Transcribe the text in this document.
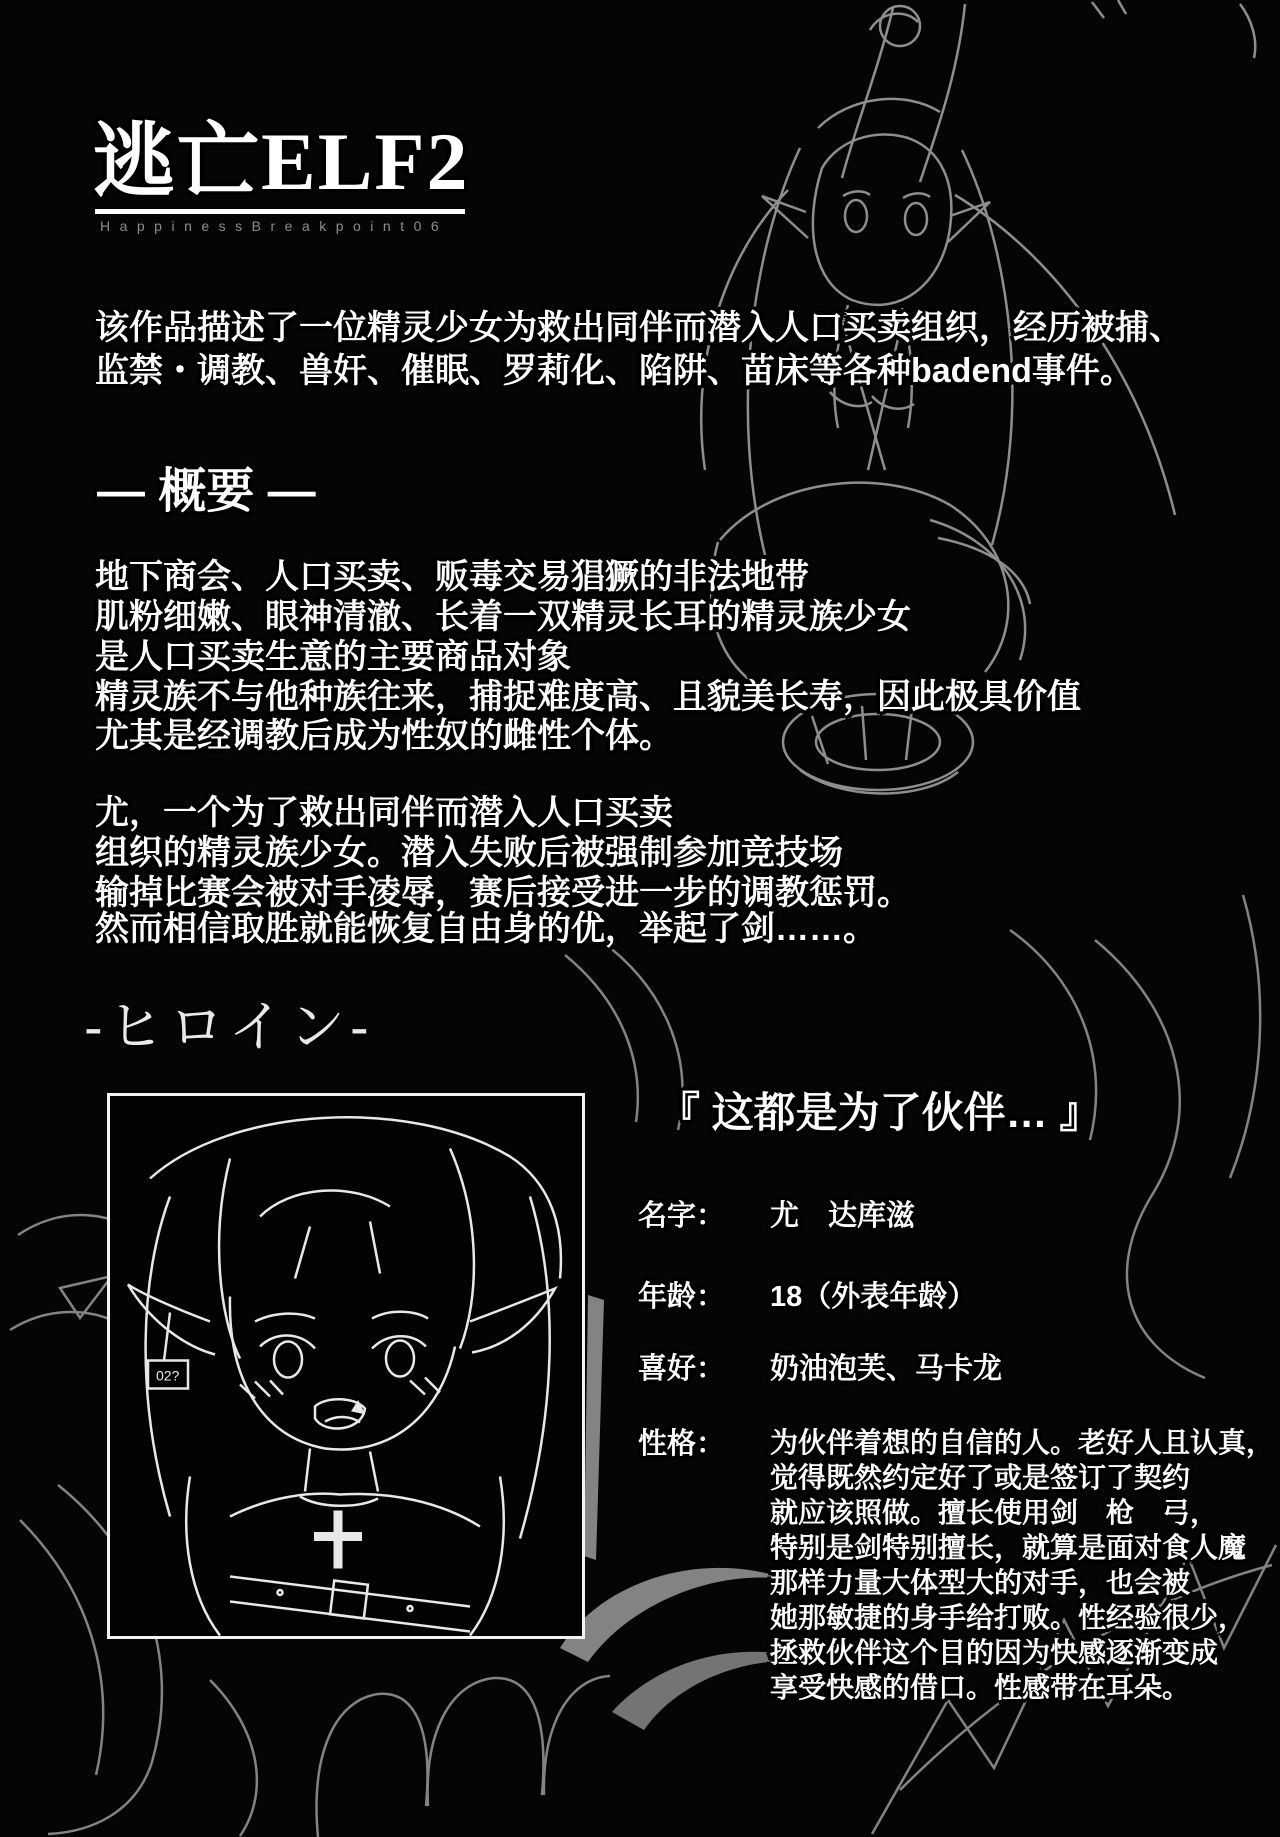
逃亡ELF2
HappinessBreakpoint06
该作品描述了一位精灵少女为救出同伴而潜入人口买卖组织，经历被捕、
监禁・调教、兽奸、催眠、罗莉化、陷阱、苗床等各种badend事件。
— 概要 —
地下商会、人口买卖、贩毒交易猖獗的非法地带
肌粉细嫩、眼神清澈、长着一双精灵长耳的精灵族少女
是人口买卖生意的主要商品对象
精灵族不与他种族往来，捕捉难度高、且貌美长寿，因此极具价值
尤其是经调教后成为性奴的雌性个体。
尤，一个为了救出同伴而潜入人口买卖
组织的精灵族少女。潜入失败后被强制参加竞技场
输掉比赛会被对手凌辱，赛后接受进一步的调教惩罚。
然而相信取胜就能恢复自由身的优，举起了剑……。
-ヒロイン-
02?
『 这都是为了伙伴… 』
名字： 尤　达库滋
年龄： 18（外表年龄）
喜好： 奶油泡芙、马卡龙
性格： 为伙伴着想的自信的人。老好人且认真，
觉得既然约定好了或是签订了契约
就应该照做。擅长使用剑　枪　弓，
特别是剑特别擅长，就算是面对食人魔
那样力量大体型大的对手，也会被
她那敏捷的身手给打败。性经验很少，
拯救伙伴这个目的因为快感逐渐变成
享受快感的借口。性感带在耳朵。
